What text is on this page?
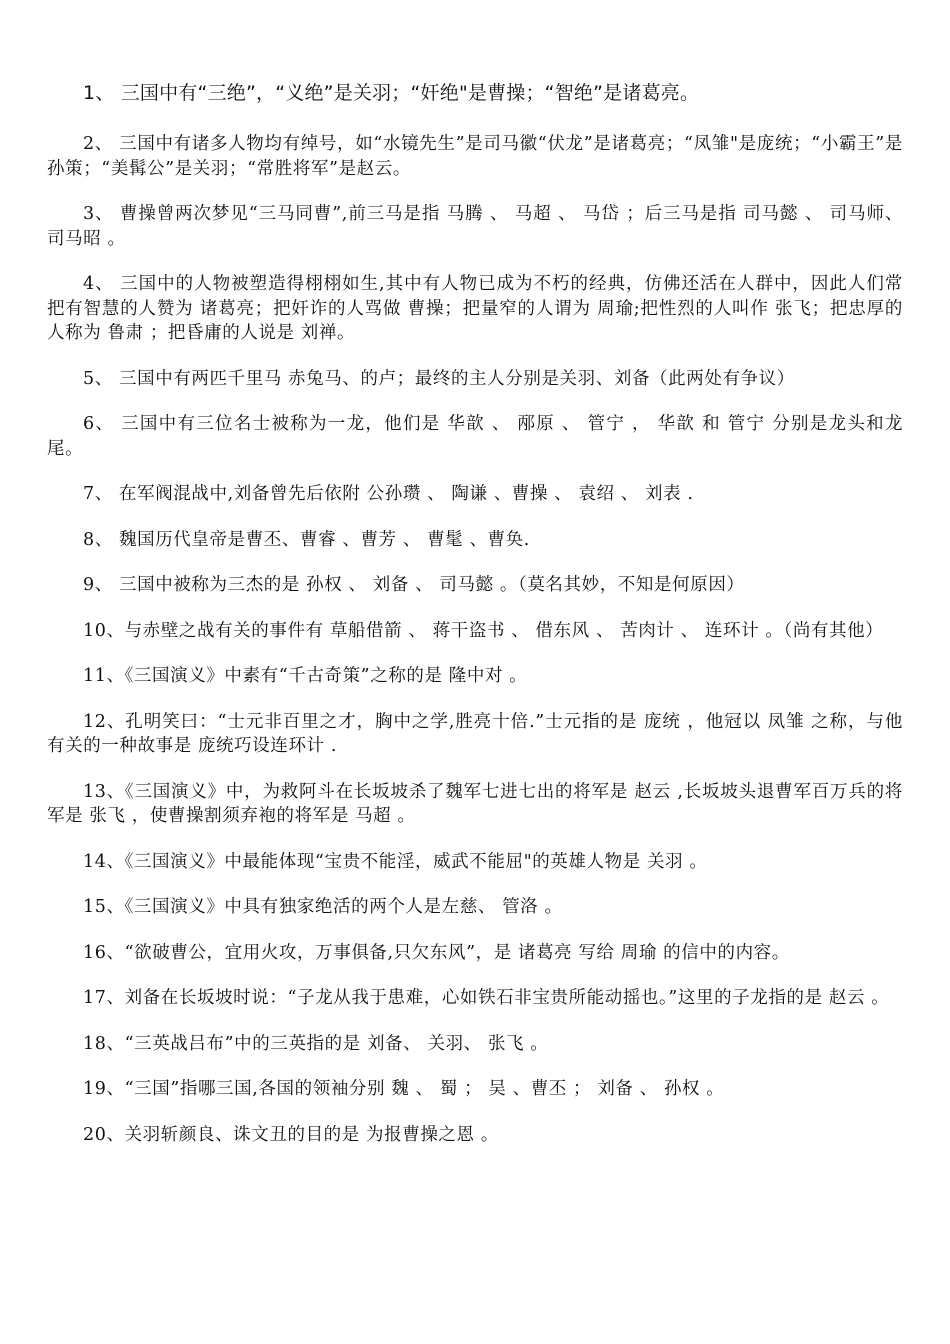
1、 三国中有“三绝”，“义绝”是关羽；“奸绝"是曹操；“智绝”是诸葛亮。

2、 三国中有诸多人物均有绰号，如“水镜先生”是司马徽“伏龙”是诸葛亮；“凤雏"是庞统；“小霸王”是孙策；“美髯公”是关羽；“常胜将军”是赵云。

3、 曹操曾两次梦见“三马同曹”,前三马是指 马腾 、 马超 、 马岱 ；后三马是指 司马懿 、 司马师、 司马昭 。

4、 三国中的人物被塑造得栩栩如生,其中有人物已成为不朽的经典，仿佛还活在人群中，因此人们常把有智慧的人赞为 诸葛亮；把奸诈的人骂做 曹操；把量窄的人谓为 周瑜;把性烈的人叫作 张飞；把忠厚的人称为 鲁肃 ；把昏庸的人说是 刘禅。

5、 三国中有两匹千里马 赤兔马、的卢；最终的主人分别是关羽、刘备（此两处有争议）

6、 三国中有三位名士被称为一龙，他们是 华歆 、 邴原 、 管宁 ， 华歆 和 管宁 分别是龙头和龙尾。

7、 在军阀混战中,刘备曾先后依附 公孙瓒 、 陶谦 、曹操 、 袁绍 、 刘表 .

8、 魏国历代皇帝是曹丕、曹睿 、曹芳 、 曹髦 、曹奂.

9、 三国中被称为三杰的是 孙权 、 刘备 、 司马懿 。（莫名其妙，不知是何原因）

10、与赤壁之战有关的事件有 草船借箭 、 蒋干盗书 、 借东风 、 苦肉计 、 连环计 。（尚有其他）

11、《三国演义》中素有“千古奇策”之称的是 隆中对 。

12、孔明笑曰：“士元非百里之才，胸中之学,胜亮十倍.”士元指的是 庞统 ，他冠以 凤雏 之称，与他有关的一种故事是 庞统巧设连环计 .

13、《三国演义》中，为救阿斗在长坂坡杀了魏军七进七出的将军是 赵云 ,长坂坡头退曹军百万兵的将军是 张飞 ，使曹操割须弃袍的将军是 马超 。

14、《三国演义》中最能体现“宝贵不能淫，威武不能屈"的英雄人物是 关羽 。

15、《三国演义》中具有独家绝活的两个人是左慈、 管洛 。

16、“欲破曹公，宜用火攻，万事俱备,只欠东风”，是 诸葛亮 写给 周瑜 的信中的内容。

17、刘备在长坂坡时说：“子龙从我于患难，心如铁石非宝贵所能动摇也。”这里的子龙指的是 赵云 。

18、“三英战吕布”中的三英指的是 刘备、 关羽、 张飞 。

19、“三国”指哪三国,各国的领袖分别 魏 、 蜀 ； 吴 、曹丕 ； 刘备 、 孙权 。

20、关羽斩颜良、诛文丑的目的是 为报曹操之恩 。
